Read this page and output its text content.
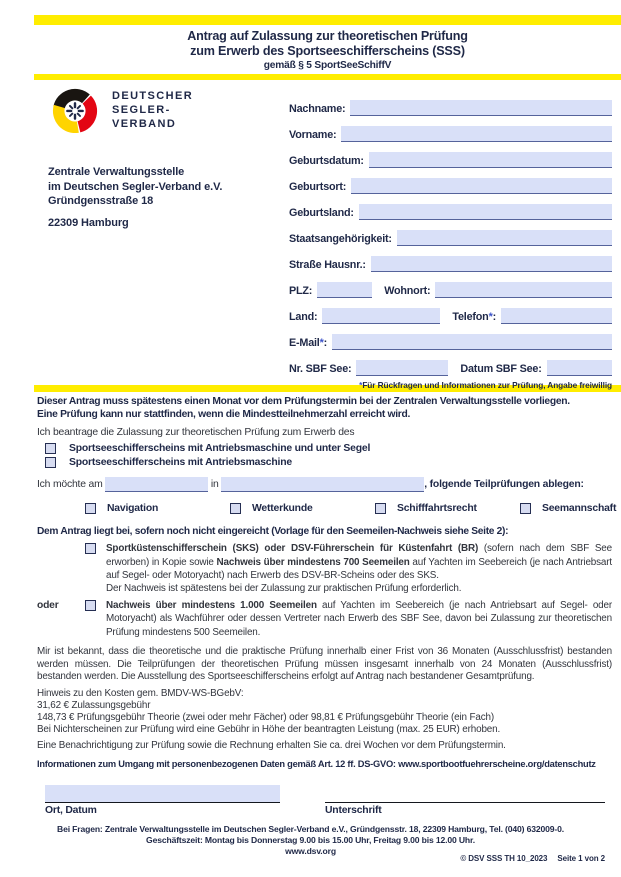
Antrag auf Zulassung zur theoretischen Prüfung
zum Erwerb des Sportseeschifferscheins (SSS)
gemäß § 5 SportSeeSchiffV
DEUTSCHER
SEGLER-
VERBAND
Zentrale Verwaltungsstelle
im Deutschen Segler-Verband e.V.
Gründgensstraße 18
22309 Hamburg
Nachname:
Vorname:
Geburtsdatum:
Geburtsort:
Geburtsland:
Staatsangehörigkeit:
Straße Hausnr.:
PLZ:	Wohnort:
Land:	Telefon*:
E-Mail*:
Nr. SBF See:	Datum SBF See:
*Für Rückfragen und Informationen zur Prüfung, Angabe freiwillig
Dieser Antrag muss spätestens einen Monat vor dem Prüfungstermin bei der Zentralen Verwaltungsstelle vorliegen.
Eine Prüfung kann nur stattfinden, wenn die Mindestteilnehmerzahl erreicht wird.
Ich beantrage die Zulassung zur theoretischen Prüfung zum Erwerb des
Sportseeschifferscheins mit Antriebsmaschine und unter Segel
Sportseeschifferscheins mit Antriebsmaschine
Ich möchte am	in	, folgende Teilprüfungen ablegen:
Navigation	Wetterkunde	Schifffahrtsrecht	Seemannschaft
Dem Antrag liegt bei, sofern noch nicht eingereicht (Vorlage für den Seemeilen-Nachweis siehe Seite 2):
Sportküstenschifferschein (SKS) oder DSV-Führerschein für Küstenfahrt (BR) (sofern nach dem SBF See erworben) in Kopie sowie Nachweis über mindestens 700 Seemeilen auf Yachten im Seebereich (je nach Antriebsart auf Segel- oder Motoryacht) nach Erwerb des DSV-BR-Scheins oder des SKS.
Der Nachweis ist spätestens bei der Zulassung zur praktischen Prüfung erforderlich.
oder	Nachweis über mindestens 1.000 Seemeilen auf Yachten im Seebereich (je nach Antriebsart auf Segel- oder Motoryacht) als Wachführer oder dessen Vertreter nach Erwerb des SBF See, davon bei Zulassung zur theoretischen Prüfung mindestens 500 Seemeilen.
Mir ist bekannt, dass die theoretische und die praktische Prüfung innerhalb einer Frist von 36 Monaten (Ausschlussfrist) bestanden werden müssen. Die Teilprüfungen der theoretischen Prüfung müssen insgesamt innerhalb von 24 Monaten (Ausschlussfrist) bestanden werden. Die Ausstellung des Sportseeschifferscheins erfolgt auf Antrag nach bestandener Gesamtprüfung.
Hinweis zu den Kosten gem. BMDV-WS-BGebV:
31,62 € Zulassungsgebühr
148,73 € Prüfungsgebühr Theorie (zwei oder mehr Fächer) oder 98,81 € Prüfungsgebühr Theorie (ein Fach)
Bei Nichterscheinen zur Prüfung wird eine Gebühr in Höhe der beantragten Leistung (max. 25 EUR) erhoben.
Eine Benachrichtigung zur Prüfung sowie die Rechnung erhalten Sie ca. drei Wochen vor dem Prüfungstermin.
Informationen zum Umgang mit personenbezogenen Daten gemäß Art. 12 ff. DS-GVO: www.sportbootfuehrerscheine.org/datenschutz
Ort, Datum	Unterschrift
Bei Fragen: Zentrale Verwaltungsstelle im Deutschen Segler-Verband e.V., Gründgensstr. 18, 22309 Hamburg, Tel. (040) 632009-0.
Geschäftszeit: Montag bis Donnerstag 9.00 bis 15.00 Uhr, Freitag 9.00 bis 12.00 Uhr.
www.dsv.org
© DSV SSS TH 10_2023 Seite 1 von 2
